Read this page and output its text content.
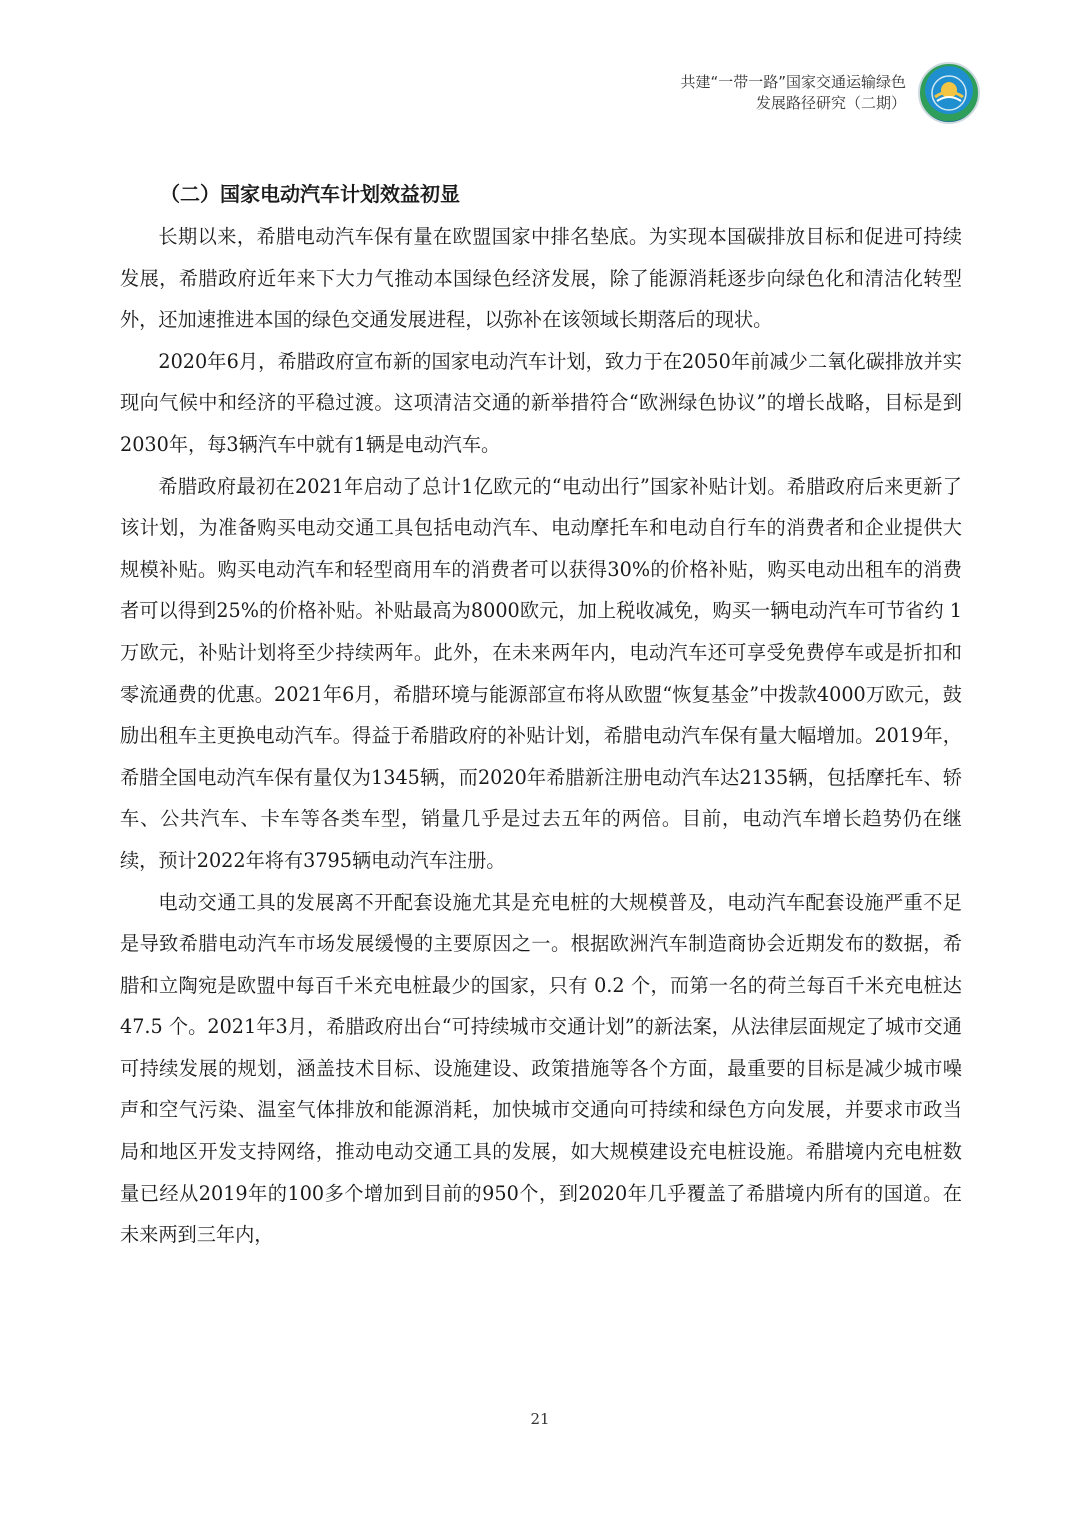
共建“一带一路”国家交通运输绿色
发展路径研究（二期）
（二）国家电动汽车计划效益初显

长期以来，希腊电动汽车保有量在欧盟国家中排名垫底。为实现本国碳排放目标和促进可持续发展，希腊政府近年来下大力气推动本国绿色经济发展，除了能源消耗逐步向绿色化和清洁化转型外，还加速推进本国的绿色交通发展进程，以弥补在该领域长期落后的现状。

2020年6月，希腊政府宣布新的国家电动汽车计划，致力于在2050年前减少二氧化碳排放并实现向气候中和经济的平稳过渡。这项清洁交通的新举措符合“欧洲绿色协议”的增长战略，目标是到2030年，每3辆汽车中就有1辆是电动汽车。

希腊政府最初在2021年启动了总计1亿欧元的“电动出行”国家补贴计划。希腊政府后来更新了该计划，为准备购买电动交通工具包括电动汽车、电动摩托车和电动自行车的消费者和企业提供大规模补贴。购买电动汽车和轻型商用车的消费者可以获得30%的价格补贴，购买电动出租车的消费者可以得到25%的价格补贴。补贴最高为8000欧元，加上税收减免，购买一辆电动汽车可节省约 1 万欧元，补贴计划将至少持续两年。此外，在未来两年内，电动汽车还可享受免费停车或是折扣和零流通费的优惠。2021年6月，希腊环境与能源部宣布将从欧盟“恢复基金”中拨款4000万欧元，鼓励出租车主更换电动汽车。得益于希腊政府的补贴计划，希腊电动汽车保有量大幅增加。2019年，希腊全国电动汽车保有量仅为1345辆，而2020年希腊新注册电动汽车达2135辆，包括摩托车、轿车、公共汽车、卡车等各类车型，销量几乎是过去五年的两倍。目前，电动汽车增长趋势仍在继续，预计2022年将有3795辆电动汽车注册。

电动交通工具的发展离不开配套设施尤其是充电桩的大规模普及，电动汽车配套设施严重不足是导致希腊电动汽车市场发展缓慢的主要原因之一。根据欧洲汽车制造商协会近期发布的数据，希腊和立陶宛是欧盟中每百千米充电桩最少的国家，只有 0.2 个，而第一名的荷兰每百千米充电桩达 47.5 个。2021年3月，希腊政府出台“可持续城市交通计划”的新法案，从法律层面规定了城市交通可持续发展的规划，涵盖技术目标、设施建设、政策措施等各个方面，最重要的目标是减少城市噪声和空气污染、温室气体排放和能源消耗，加快城市交通向可持续和绿色方向发展，并要求市政当局和地区开发支持网络，推动电动交通工具的发展，如大规模建设充电桩设施。希腊境内充电桩数量已经从2019年的100多个增加到目前的950个，到2020年几乎覆盖了希腊境内所有的国道。在未来两到三年内，

21
